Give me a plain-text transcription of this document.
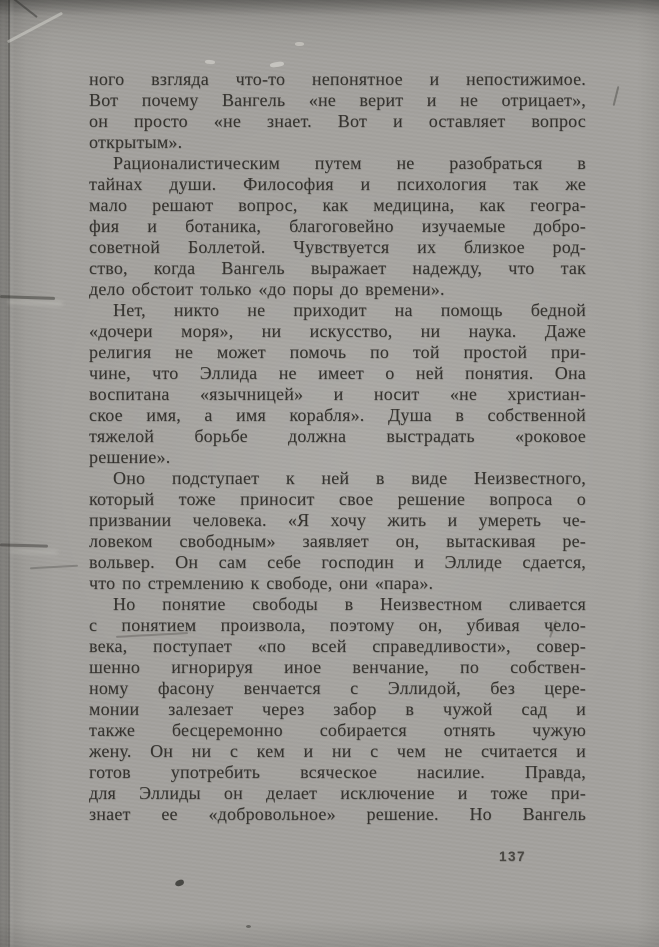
ного взгляда что-то непонятное и непостижимое.
Вот почему Вангель «не верит и не отрицает»,
он просто «не знает. Вот и оставляет вопрос
открытым».
Рационалистическим путем не разобраться в
тайнах души. Философия и психология так же
мало решают вопрос, как медицина, как геогра-
фия и ботаника, благоговейно изучаемые добро-
советной Боллетой. Чувствуется их близкое род-
ство, когда Вангель выражает надежду, что так
дело обстоит только «до поры до времени».
Нет, никто не приходит на помощь бедной
«дочери моря», ни искусство, ни наука. Даже
религия не может помочь по той простой при-
чине, что Эллида не имеет о ней понятия. Она
воспитана «язычницей» и носит «не христиан-
ское имя, а имя корабля». Душа в собственной
тяжелой борьбе должна выстрадать «роковое
решение».
Оно подступает к ней в виде Неизвестного,
который тоже приносит свое решение вопроса о
призвании человека. «Я хочу жить и умереть че-
ловеком свободным» заявляет он, вытаскивая ре-
вольвер. Он сам себе господин и Эллиде сдается,
что по стремлению к свободе, они «пара».
Но понятие свободы в Неизвестном сливается
с понятием произвола, поэтому он, убивая чело-
века, поступает «по всей справедливости», совер-
шенно игнорируя иное венчание, по собствен-
ному фасону венчается с Эллидой, без цере-
монии залезает через забор в чужой сад и
также бесцеремонно собирается отнять чужую
жену. Он ни с кем и ни с чем не считается и
готов употребить всяческое насилие. Правда,
для Эллиды он делает исключение и тоже при-
знает ее «добровольное» решение. Но Вангель
137
